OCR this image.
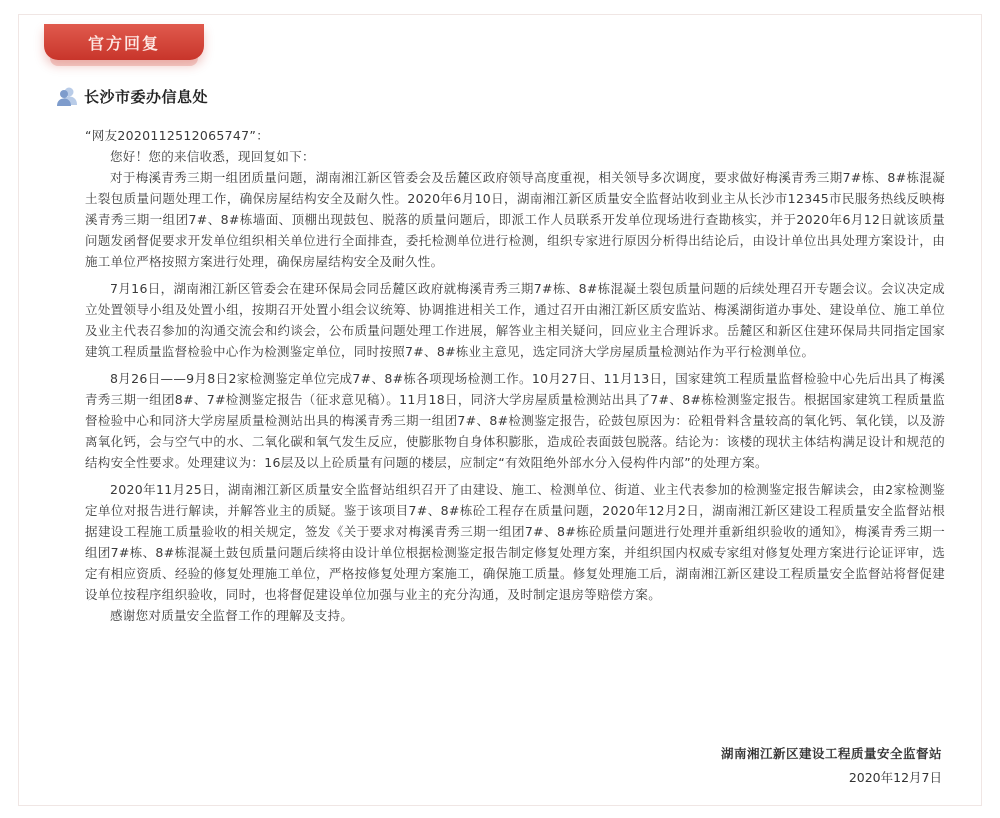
官方回复
长沙市委办信息处

“网友2020112512065747”：

您好！您的来信收悉，现回复如下：

对于梅溪青秀三期一组团质量问题，湖南湘江新区管委会及岳麓区政府领导高度重视，相关领导多次调度，要求做好梅溪青秀三期7#栋、8#栋混凝土裂包质量问题处理工作，确保房屋结构安全及耐久性。2020年6月10日，湖南湘江新区质量安全监督站收到业主从长沙市12345市民服务热线反映梅溪青秀三期一组团7#、8#栋墙面、顶棚出现鼓包、脱落的质量问题后，即派工作人员联系开发单位现场进行查勘核实，并于2020年6月12日就该质量问题发函督促要求开发单位组织相关单位进行全面排查，委托检测单位进行检测，组织专家进行原因分析得出结论后，由设计单位出具处理方案设计，由施工单位严格按照方案进行处理，确保房屋结构安全及耐久性。

7月16日，湖南湘江新区管委会在建环保局会同岳麓区政府就梅溪青秀三期7#栋、8#栋混凝土裂包质量问题的后续处理召开专题会议。会议决定成立处置领导小组及处置小组，按期召开处置小组会议统筹、协调推进相关工作，通过召开由湘江新区质安监站、梅溪湖街道办事处、建设单位、施工单位及业主代表召参加的沟通交流会和约谈会，公布质量问题处理工作进展，解答业主相关疑问，回应业主合理诉求。岳麓区和新区住建环保局共同指定国家建筑工程质量监督检验中心作为检测鉴定单位，同时按照7#、8#栋业主意见，选定同济大学房屋质量检测站作为平行检测单位。

8月26日——9月8日2家检测鉴定单位完成7#、8#栋各项现场检测工作。10月27日、11月13日，国家建筑工程质量监督检验中心先后出具了梅溪青秀三期一组团8#、7#检测鉴定报告（征求意见稿）。11月18日，同济大学房屋质量检测站出具了7#、8#栋检测鉴定报告。根据国家建筑工程质量监督检验中心和同济大学房屋质量检测站出具的梅溪青秀三期一组团7#、8#检测鉴定报告，砼鼓包原因为：砼粗骨料含量较高的氧化钙、氧化镁，以及游离氧化钙，会与空气中的水、二氧化碳和氧气发生反应，使膨胀物自身体积膨胀，造成砼表面鼓包脱落。结论为：该楼的现状主体结构满足设计和规范的结构安全性要求。处理建议为：16层及以上砼质量有问题的楼层，应制定“有效阻绝外部水分入侵构件内部”的处理方案。

2020年11月25日，湖南湘江新区质量安全监督站组织召开了由建设、施工、检测单位、街道、业主代表参加的检测鉴定报告解读会，由2家检测鉴定单位对报告进行解读，并解答业主的质疑。鉴于该项目7#、8#栋砼工程存在质量问题，2020年12月2日，湖南湘江新区建设工程质量安全监督站根据建设工程施工质量验收的相关规定，签发《关于要求对梅溪青秀三期一组团7#、8#栋砼质量问题进行处理并重新组织验收的通知》，梅溪青秀三期一组团7#栋、8#栋混凝土鼓包质量问题后续将由设计单位根据检测鉴定报告制定修复处理方案，并组织国内权威专家组对修复处理方案进行论证评审，选定有相应资质、经验的修复处理施工单位，严格按修复处理方案施工，确保施工质量。修复处理施工后，湖南湘江新区建设工程质量安全监督站将督促建设单位按程序组织验收，同时，也将督促建设单位加强与业主的充分沟通，及时制定退房等赔偿方案。

感谢您对质量安全监督工作的理解及支持。

湖南湘江新区建设工程质量安全监督站
2020年12月7日
